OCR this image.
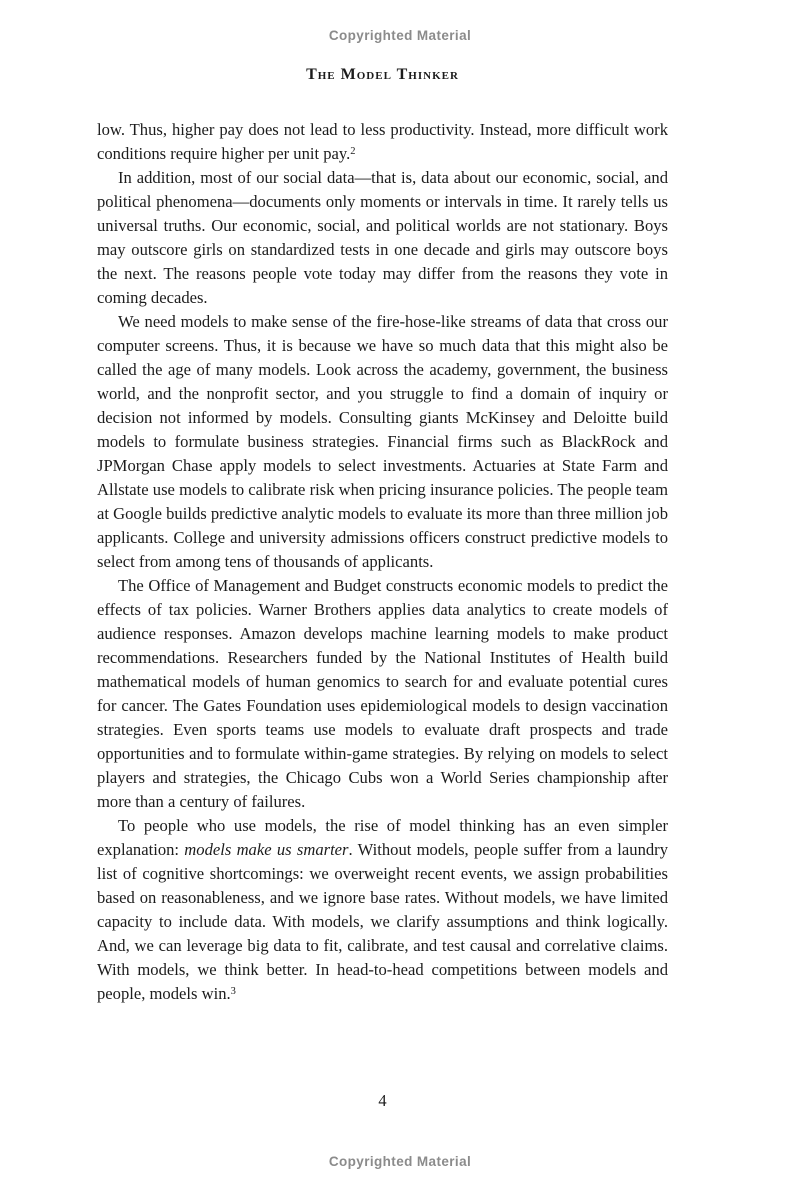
Copyrighted Material
The Model Thinker

low. Thus, higher pay does not lead to less productivity. Instead, more difficult work conditions require higher per unit pay.$^2$

In addition, most of our social data—that is, data about our economic, social, and political phenomena—documents only moments or intervals in time. It rarely tells us universal truths. Our economic, social, and political worlds are not stationary. Boys may outscore girls on standardized tests in one decade and girls may outscore boys the next. The reasons people vote today may differ from the reasons they vote in coming decades.

We need models to make sense of the fire-hose-like streams of data that cross our computer screens. Thus, it is because we have so much data that this might also be called the age of many models. Look across the academy, government, the business world, and the nonprofit sector, and you struggle to find a domain of inquiry or decision not informed by models. Consulting giants McKinsey and Deloitte build models to formulate business strategies. Financial firms such as BlackRock and JPMorgan Chase apply models to select investments. Actuaries at State Farm and Allstate use models to calibrate risk when pricing insurance policies. The people team at Google builds predictive analytic models to evaluate its more than three million job applicants. College and university admissions officers construct predictive models to select from among tens of thousands of applicants.

The Office of Management and Budget constructs economic models to predict the effects of tax policies. Warner Brothers applies data analytics to create models of audience responses. Amazon develops machine learning models to make product recommendations. Researchers funded by the National Institutes of Health build mathematical models of human genomics to search for and evaluate potential cures for cancer. The Gates Foundation uses epidemiological models to design vaccination strategies. Even sports teams use models to evaluate draft prospects and trade opportunities and to formulate within-game strategies. By relying on models to select players and strategies, the Chicago Cubs won a World Series championship after more than a century of failures.

To people who use models, the rise of model thinking has an even simpler explanation: models make us smarter. Without models, people suffer from a laundry list of cognitive shortcomings: we overweight recent events, we assign probabilities based on reasonableness, and we ignore base rates. Without models, we have limited capacity to include data. With models, we clarify assumptions and think logically. And, we can leverage big data to fit, calibrate, and test causal and correlative claims. With models, we think better. In head-to-head competitions between models and people, models win.$^3$

4
Copyrighted Material
